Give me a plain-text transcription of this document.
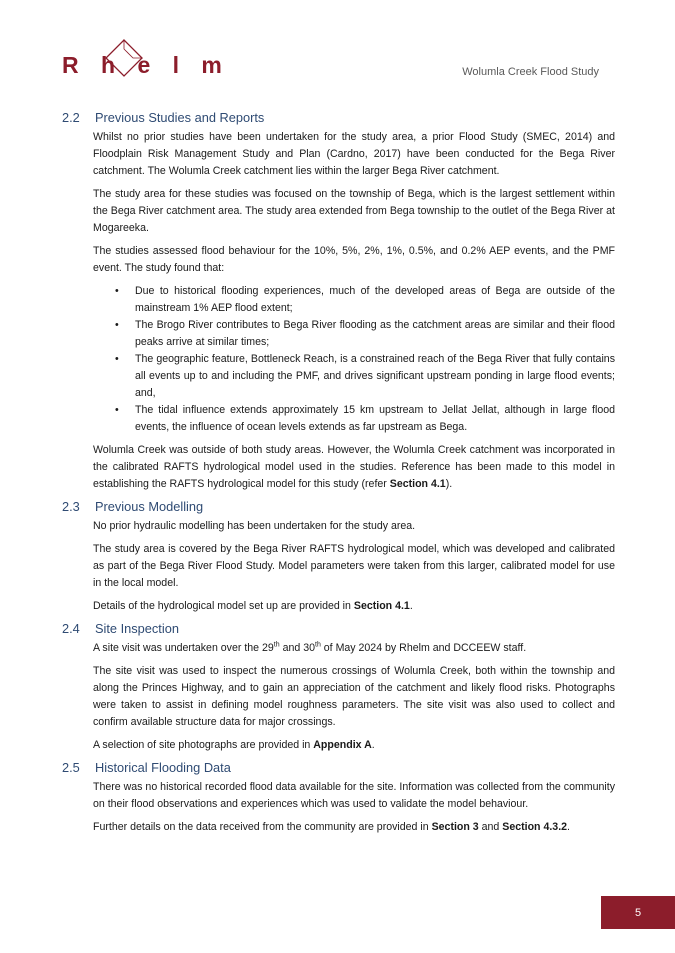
R h e l m	Wolumla Creek Flood Study
2.2	Previous Studies and Reports

Whilst no prior studies have been undertaken for the study area, a prior Flood Study (SMEC, 2014) and Floodplain Risk Management Study and Plan (Cardno, 2017) have been conducted for the Bega River catchment. The Wolumla Creek catchment lies within the larger Bega River catchment.

The study area for these studies was focused on the township of Bega, which is the largest settlement within the Bega River catchment area. The study area extended from Bega township to the outlet of the Bega River at Mogareeka.

The studies assessed flood behaviour for the 10%, 5%, 2%, 1%, 0.5%, and 0.2% AEP events, and the PMF event. The study found that:

• Due to historical flooding experiences, much of the developed areas of Bega are outside of the mainstream 1% AEP flood extent;
• The Brogo River contributes to Bega River flooding as the catchment areas are similar and their flood peaks arrive at similar times;
• The geographic feature, Bottleneck Reach, is a constrained reach of the Bega River that fully contains all events up to and including the PMF, and drives significant upstream ponding in large flood events; and,
• The tidal influence extends approximately 15 km upstream to Jellat Jellat, although in large flood events, the influence of ocean levels extends as far upstream as Bega.

Wolumla Creek was outside of both study areas. However, the Wolumla Creek catchment was incorporated in the calibrated RAFTS hydrological model used in the studies. Reference has been made to this model in establishing the RAFTS hydrological model for this study (refer Section 4.1).

2.3	Previous Modelling

No prior hydraulic modelling has been undertaken for the study area.

The study area is covered by the Bega River RAFTS hydrological model, which was developed and calibrated as part of the Bega River Flood Study. Model parameters were taken from this larger, calibrated model for use in the local model.

Details of the hydrological model set up are provided in Section 4.1.

2.4	Site Inspection

A site visit was undertaken over the 29th and 30th of May 2024 by Rhelm and DCCEEW staff.

The site visit was used to inspect the numerous crossings of Wolumla Creek, both within the township and along the Princes Highway, and to gain an appreciation of the catchment and likely flood risks. Photographs were taken to assist in defining model roughness parameters. The site visit was also used to collect and confirm available structure data for major crossings.

A selection of site photographs are provided in Appendix A.

2.5	Historical Flooding Data

There was no historical recorded flood data available for the site. Information was collected from the community on their flood observations and experiences which was used to validate the model behaviour.

Further details on the data received from the community are provided in Section 3 and Section 4.3.2.

5
